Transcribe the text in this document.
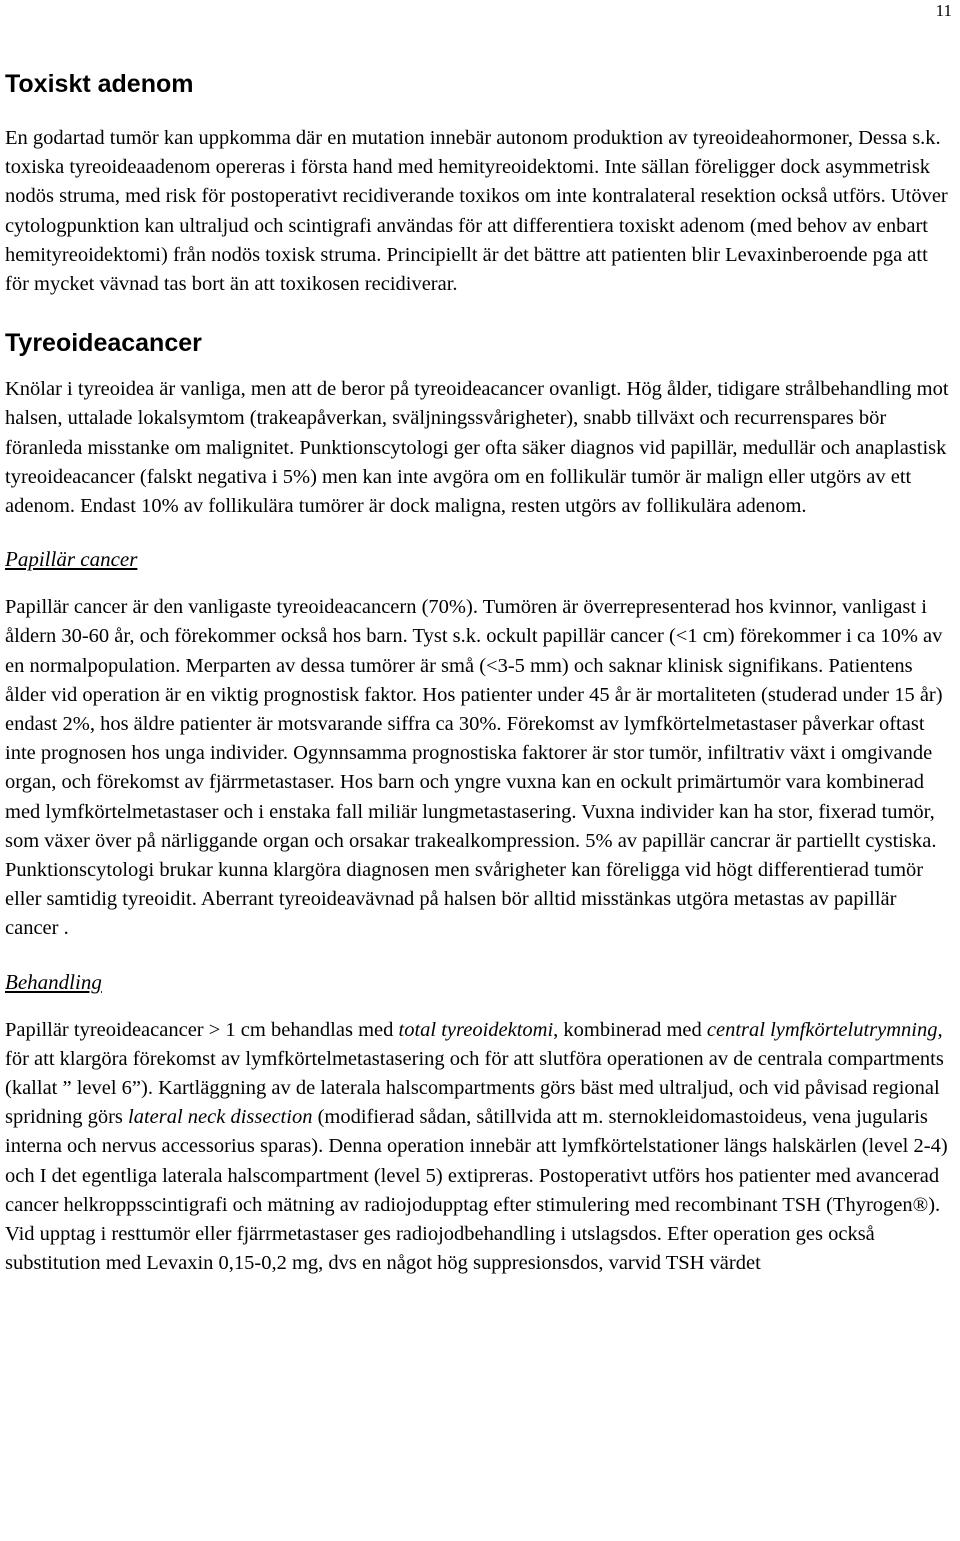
11
Toxiskt adenom

En godartad tumör kan uppkomma där en mutation innebär autonom produktion av tyreoideahormoner, Dessa s.k. toxiska tyreoideaadenom opereras i första hand med hemityreoidektomi. Inte sällan föreligger dock asymmetrisk nodös struma, med risk för postoperativt recidiverande toxikos om inte kontralateral resektion också utförs. Utöver cytologpunktion kan ultraljud och scintigrafi användas för att differentiera toxiskt adenom (med behov av enbart hemityreoidektomi) från nodös toxisk struma. Principiellt är det bättre att patienten blir Levaxinberoende pga att för mycket vävnad tas bort än att toxikosen recidiverar.

Tyreoideacancer

Knölar i tyreoidea är vanliga, men att de beror på tyreoideacancer ovanligt. Hög ålder, tidigare strålbehandling mot halsen, uttalade lokalsymtom (trakeapåverkan, sväljningssvårigheter), snabb tillväxt och recurrenspares bör föranleda misstanke om malignitet. Punktionscytologi ger ofta säker diagnos vid papillär, medullär och anaplastisk tyreoideacancer (falskt negativa i 5%) men kan inte avgöra om en follikulär tumör är malign eller utgörs av ett adenom. Endast 10% av follikulära tumörer är dock maligna, resten utgörs av follikulära adenom.

Papillär cancer

Papillär cancer är den vanligaste tyreoideacancern (70%). Tumören är överrepresenterad hos kvinnor, vanligast i åldern 30-60 år, och förekommer också hos barn. Tyst s.k. ockult papillär cancer (<1 cm) förekommer i ca 10% av en normalpopulation. Merparten av dessa tumörer är små (<3-5 mm) och saknar klinisk signifikans. Patientens ålder vid operation är en viktig prognostisk faktor. Hos patienter under 45 år är mortaliteten (studerad under 15 år) endast 2%, hos äldre patienter är motsvarande siffra ca 30%. Förekomst av lymfkörtelmetastaser påverkar oftast inte prognosen hos unga individer. Ogynnsamma prognostiska faktorer är stor tumör, infiltrativ växt i omgivande organ, och förekomst av fjärrmetastaser. Hos barn och yngre vuxna kan en ockult primärtumör vara kombinerad med lymfkörtelmetastaser och i enstaka fall miliär lungmetastasering. Vuxna individer kan ha stor, fixerad tumör, som växer över på närliggande organ och orsakar trakealkompression. 5% av papillär cancrar är partiellt cystiska. Punktionscytologi brukar kunna klargöra diagnosen men svårigheter kan föreligga vid högt differentierad tumör eller samtidig tyreoidit. Aberrant tyreoideavävnad på halsen bör alltid misstänkas utgöra metastas av papillär cancer .

Behandling

Papillär tyreoideacancer > 1 cm behandlas med total tyreoidektomi, kombinerad med central lymfkörtelutrymning, för att klargöra förekomst av lymfkörtelmetastasering och för att slutföra operationen av de centrala compartments (kallat ” level 6”). Kartläggning av de laterala halscompartments görs bäst med ultraljud, och vid påvisad regional spridning görs lateral neck dissection (modifierad sådan, såtillvida att m. sternokleidomastoideus, vena jugularis interna och nervus accessorius sparas). Denna operation innebär att lymfkörtelstationer längs halskärlen (level 2-4) och I det egentliga laterala halscompartment (level 5) extipreras. Postoperativt utförs hos patienter med avancerad cancer helkroppsscintigrafi och mätning av radiojodupptag efter stimulering med recombinant TSH (Thyrogen®). Vid upptag i resttumör eller fjärrmetastaser ges radiojodbehandling i utslagsdos. Efter operation ges också substitution med Levaxin 0,15-0,2 mg, dvs en något hög suppresionsdos, varvid TSH värdet
